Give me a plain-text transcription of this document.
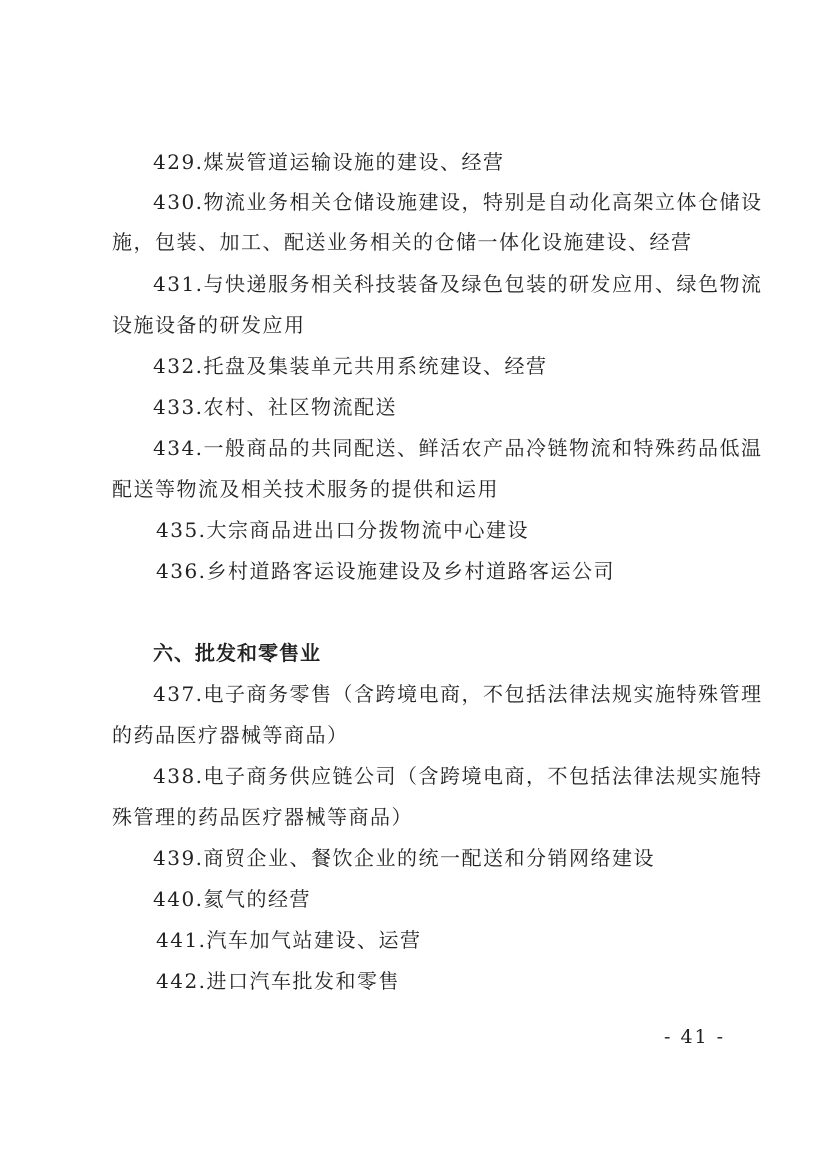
429.煤炭管道运输设施的建设、经营
430.物流业务相关仓储设施建设，特别是自动化高架立体仓储设
施，包装、加工、配送业务相关的仓储一体化设施建设、经营
431.与快递服务相关科技装备及绿色包装的研发应用、绿色物流
设施设备的研发应用
432.托盘及集装单元共用系统建设、经营
433.农村、社区物流配送
434.一般商品的共同配送、鲜活农产品冷链物流和特殊药品低温
配送等物流及相关技术服务的提供和运用
435.大宗商品进出口分拨物流中心建设
436.乡村道路客运设施建设及乡村道路客运公司
六、批发和零售业
437.电子商务零售（含跨境电商，不包括法律法规实施特殊管理
的药品医疗器械等商品）
438.电子商务供应链公司（含跨境电商，不包括法律法规实施特
殊管理的药品医疗器械等商品）
439.商贸企业、餐饮企业的统一配送和分销网络建设
440.氦气的经营
441.汽车加气站建设、运营
442.进口汽车批发和零售
- 41 -
